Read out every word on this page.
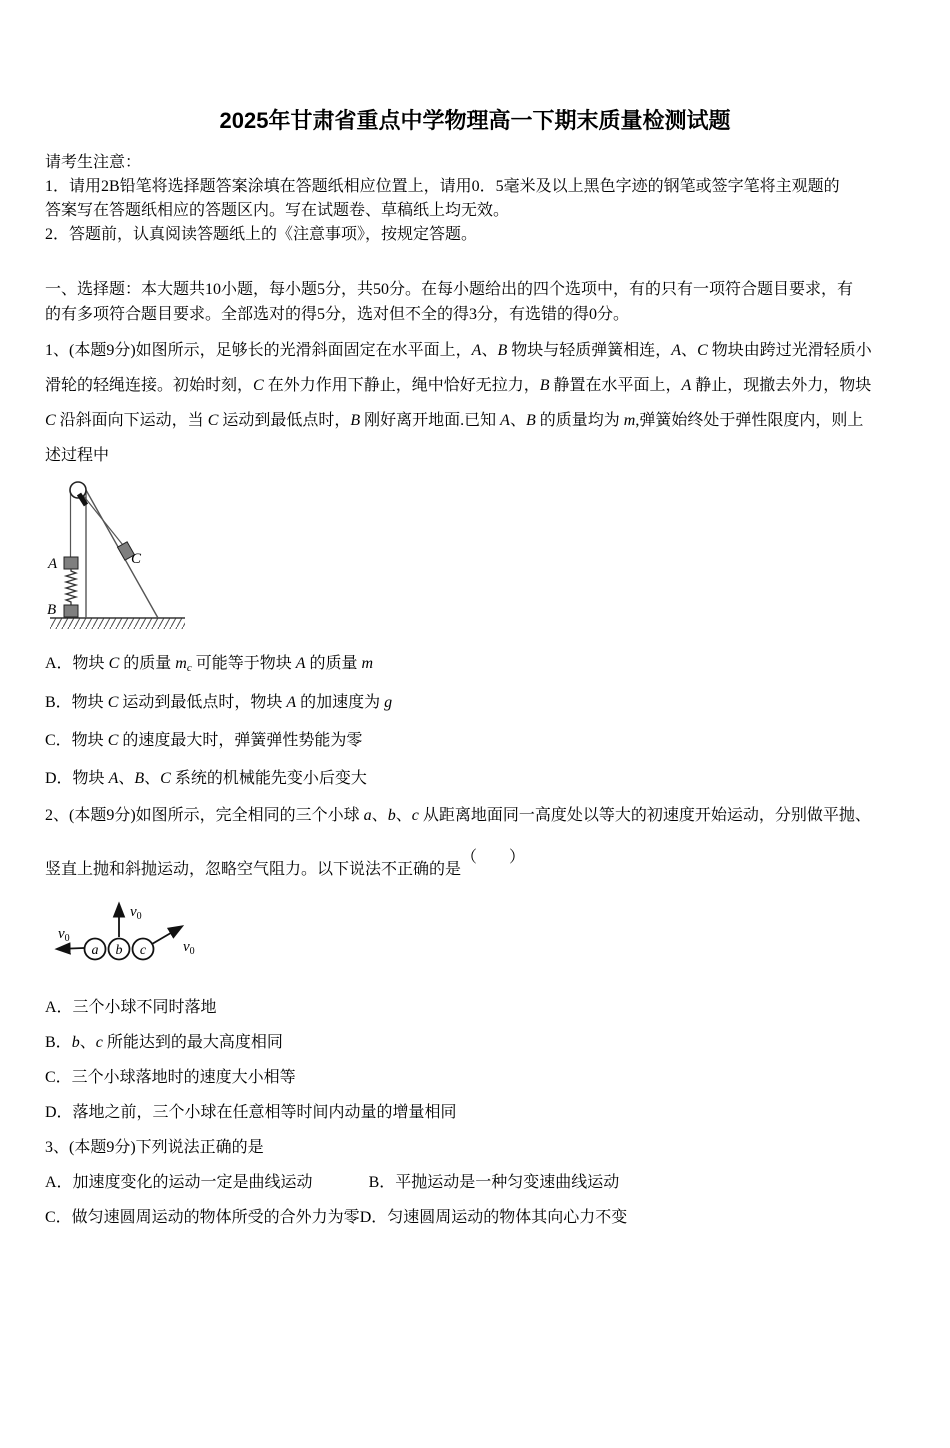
2025年甘肃省重点中学物理高一下期末质量检测试题
请考生注意：
1．请用2B铅笔将选择题答案涂填在答题纸相应位置上，请用0．5毫米及以上黑色字迹的钢笔或签字笔将主观题的
答案写在答题纸相应的答题区内。写在试题卷、草稿纸上均无效。
2．答题前，认真阅读答题纸上的《注意事项》，按规定答题。
一、选择题：本大题共10小题，每小题5分，共50分。在每小题给出的四个选项中，有的只有一项符合题目要求，有
的有多项符合题目要求。全部选对的得5分，选对但不全的得3分，有选错的得0分。
1、(本题9分)如图所示，足够长的光滑斜面固定在水平面上，A、B 物块与轻质弹簧相连，A、C 物块由跨过光滑轻质小
滑轮的轻绳连接。初始时刻，C 在外力作用下静止，绳中恰好无拉力，B 静置在水平面上，A 静止，现撤去外力，物块
C 沿斜面向下运动，当 C 运动到最低点时，B 刚好离开地面.已知 A、B 的质量均为 m,弹簧始终处于弹性限度内，则上
述过程中
A
B
C
A．物块 C 的质量 mc 可能等于物块 A 的质量 m
B．物块 C 运动到最低点时，物块 A 的加速度为 g
C．物块 C 的速度最大时，弹簧弹性势能为零
D．物块 A、B、C 系统的机械能先变小后变大
2、(本题9分)如图所示，完全相同的三个小球 a、b、c 从距离地面同一高度处以等大的初速度开始运动，分别做平抛、
竖直上抛和斜抛运动，忽略空气阻力。以下说法不正确的是（　　）
a b c
$v_0$
$v_0$
$v_0$
A．三个小球不同时落地
B．b、c 所能达到的最大高度相同
C．三个小球落地时的速度大小相等
D．落地之前，三个小球在任意相等时间内动量的增量相同
3、(本题9分)下列说法正确的是
A．加速度变化的运动一定是曲线运动	B．平抛运动是一种匀变速曲线运动
C．做匀速圆周运动的物体所受的合外力为零D．匀速圆周运动的物体其向心力不变
